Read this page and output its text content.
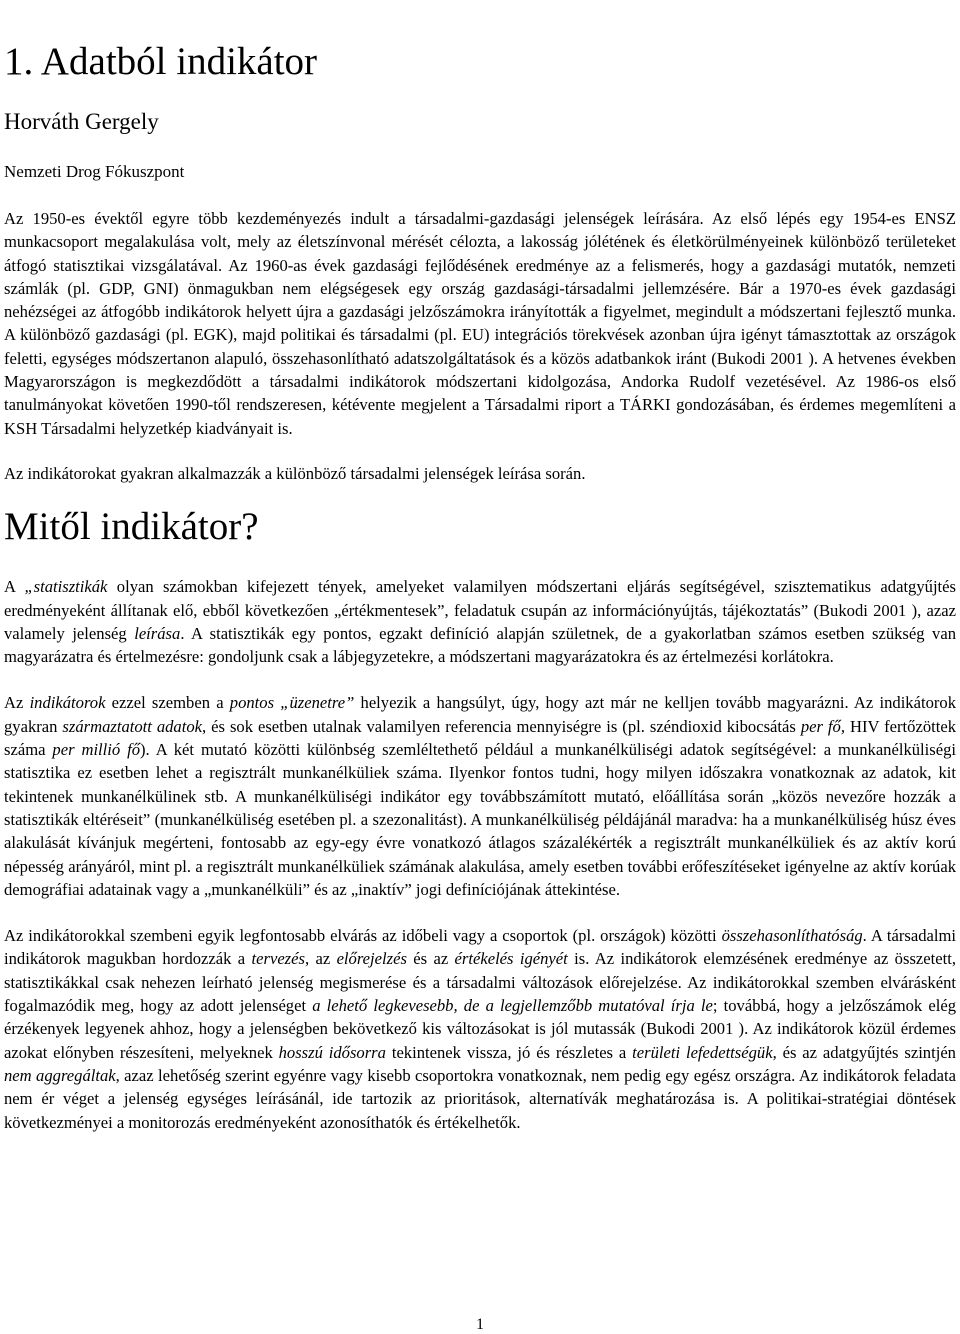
1. Adatból indikátor
Horváth Gergely
Nemzeti Drog Fókuszpont

Az 1950-es évektől egyre több kezdeményezés indult a társadalmi-gazdasági jelenségek leírására. Az első lépés egy 1954-es ENSZ munkacsoport megalakulása volt, mely az életszínvonal mérését célozta, a lakosság jólétének és életkörülményeinek különböző területeket átfogó statisztikai vizsgálatával. Az 1960-as évek gazdasági fejlődésének eredménye az a felismerés, hogy a gazdasági mutatók, nemzeti számlák (pl. GDP, GNI) önmagukban nem elégségesek egy ország gazdasági-társadalmi jellemzésére. Bár a 1970-es évek gazdasági nehézségei az átfogóbb indikátorok helyett újra a gazdasági jelzőszámokra irányították a figyelmet, megindult a módszertani fejlesztő munka. A különböző gazdasági (pl. EGK), majd politikai és társadalmi (pl. EU) integrációs törekvések azonban újra igényt támasztottak az országok feletti, egységes módszertanon alapuló, összehasonlítható adatszolgáltatások és a közös adatbankok iránt (Bukodi 2001 ). A hetvenes években Magyarországon is megkezdődött a társadalmi indikátorok módszertani kidolgozása, Andorka Rudolf vezetésével. Az 1986-os első tanulmányokat követően 1990-től rendszeresen, kétévente megjelent a Társadalmi riport a TÁRKI gondozásában, és érdemes megemlíteni a KSH Társadalmi helyzetkép kiadványait is.

Az indikátorokat gyakran alkalmazzák a különböző társadalmi jelenségek leírása során.

Mitől indikátor?

A „statisztikák olyan számokban kifejezett tények, amelyeket valamilyen módszertani eljárás segítségével, szisztematikus adatgyűjtés eredményeként állítanak elő, ebből következően „értékmentesek”, feladatuk csupán az információnyújtás, tájékoztatás” (Bukodi 2001 ), azaz valamely jelenség leírása. A statisztikák egy pontos, egzakt definíció alapján születnek, de a gyakorlatban számos esetben szükség van magyarázatra és értelmezésre: gondoljunk csak a lábjegyzetekre, a módszertani magyarázatokra és az értelmezési korlátokra.

Az indikátorok ezzel szemben a pontos „üzenetre” helyezik a hangsúlyt, úgy, hogy azt már ne kelljen tovább magyarázni. Az indikátorok gyakran származtatott adatok, és sok esetben utalnak valamilyen referencia mennyiségre is (pl. széndioxid kibocsátás per fő, HIV fertőzöttek száma per millió fő). A két mutató közötti különbség szemléltethető például a munkanélküliségi adatok segítségével: a munkanélküliségi statisztika ez esetben lehet a regisztrált munkanélküliek száma. Ilyenkor fontos tudni, hogy milyen időszakra vonatkoznak az adatok, kit tekintenek munkanélkülinek stb. A munkanélküliségi indikátor egy továbbszámított mutató, előállítása során „közös nevezőre hozzák a statisztikák eltéréseit” (munkanélküliség esetében pl. a szezonalitást). A munkanélküliség példájánál maradva: ha a munkanélküliség húsz éves alakulását kívánjuk megérteni, fontosabb az egy-egy évre vonatkozó átlagos százalékérték a regisztrált munkanélküliek és az aktív korú népesség arányáról, mint pl. a regisztrált munkanélküliek számának alakulása, amely esetben további erőfeszítéseket igényelne az aktív korúak demográfiai adatainak vagy a „munkanélküli” és az „inaktív” jogi definíciójának áttekintése.

Az indikátorokkal szembeni egyik legfontosabb elvárás az időbeli vagy a csoportok (pl. országok) közötti összehasonlíthatóság. A társadalmi indikátorok magukban hordozzák a tervezés, az előrejelzés és az értékelés igényét is. Az indikátorok elemzésének eredménye az összetett, statisztikákkal csak nehezen leírható jelenség megismerése és a társadalmi változások előrejelzése. Az indikátorokkal szemben elvárásként fogalmazódik meg, hogy az adott jelenséget a lehető legkevesebb, de a legjellemzőbb mutatóval írja le; továbbá, hogy a jelzőszámok elég érzékenyek legyenek ahhoz, hogy a jelenségben bekövetkező kis változásokat is jól mutassák (Bukodi 2001 ). Az indikátorok közül érdemes azokat előnyben részesíteni, melyeknek hosszú idősorra tekintenek vissza, jó és részletes a területi lefedettségük, és az adatgyűjtés szintjén nem aggregáltak, azaz lehetőség szerint egyénre vagy kisebb csoportokra vonatkoznak, nem pedig egy egész országra. Az indikátorok feladata nem ér véget a jelenség egységes leírásánál, ide tartozik az prioritások, alternatívák meghatározása is. A politikai-stratégiai döntések következményei a monitorozás eredményeként azonosíthatók és értékelhetők.

1
